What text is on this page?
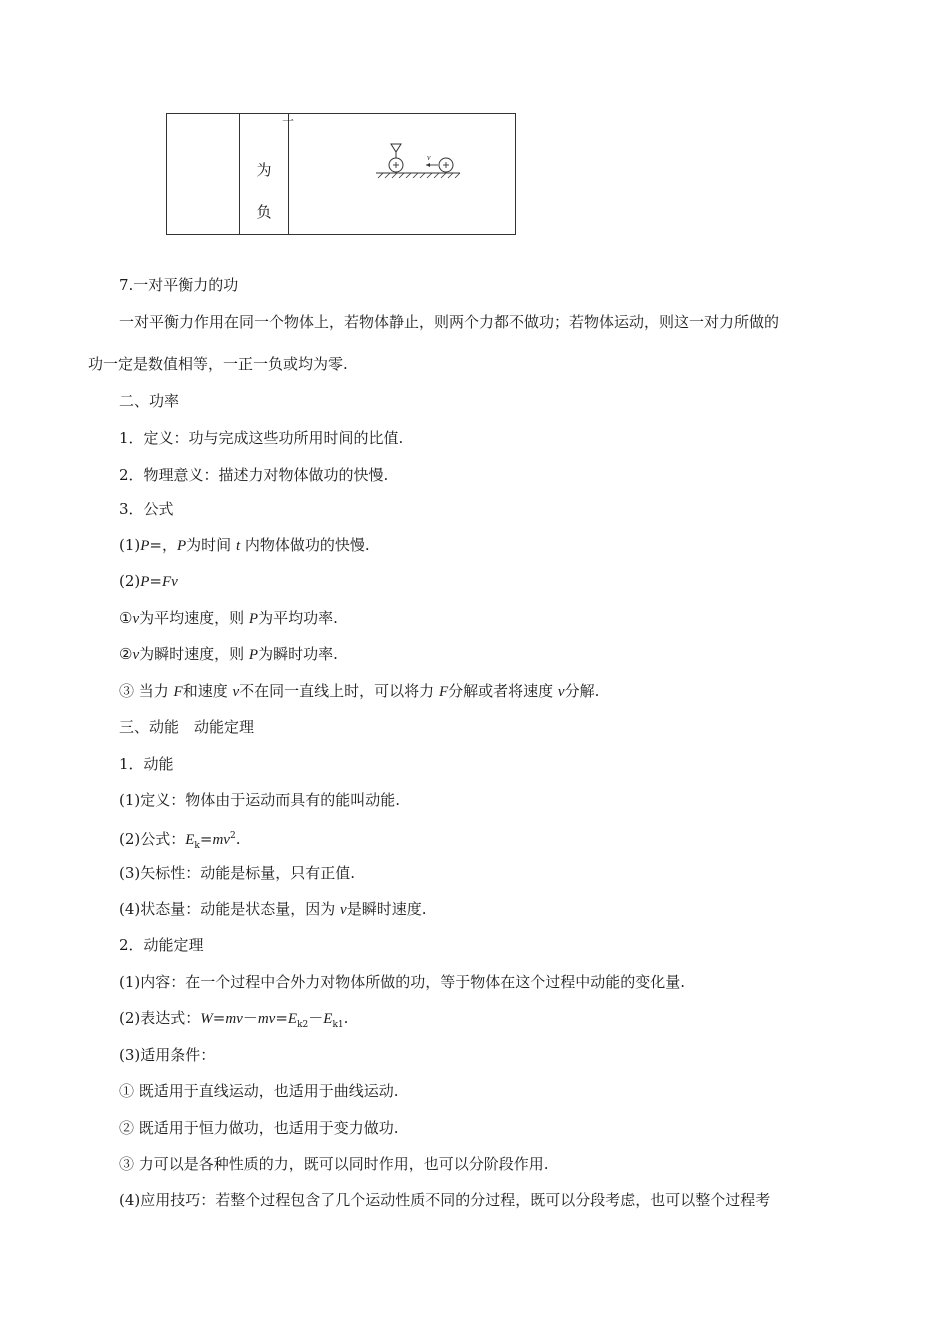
一
为
负
v
7.一对平衡力的功
一对平衡力作用在同一个物体上，若物体静止，则两个力都不做功；若物体运动，则这一对力所做的
功一定是数值相等，一正一负或均为零.
二、功率
1．定义：功与完成这些功所用时间的比值.
2．物理意义：描述力对物体做功的快慢.
3．公式
(1)P=，P为时间 t 内物体做功的快慢.
(2)P=Fv
①v为平均速度，则 P为平均功率.
②v为瞬时速度，则 P为瞬时功率.
③ 当力 F和速度 v不在同一直线上时，可以将力 F分解或者将速度 v分解.
三、动能　动能定理
1．动能
(1)定义：物体由于运动而具有的能叫动能.
(2)公式：$E_k=mv^2$.
(3)矢标性：动能是标量，只有正值.
(4)状态量：动能是状态量，因为 v是瞬时速度.
2．动能定理
(1)内容：在一个过程中合外力对物体所做的功，等于物体在这个过程中动能的变化量.
(2)表达式：$W=mv-mv=E_{k2}-E_{k1}$.
(3)适用条件：
① 既适用于直线运动，也适用于曲线运动.
② 既适用于恒力做功，也适用于变力做功.
③ 力可以是各种性质的力，既可以同时作用，也可以分阶段作用.
(4)应用技巧：若整个过程包含了几个运动性质不同的分过程，既可以分段考虑，也可以整个过程考
